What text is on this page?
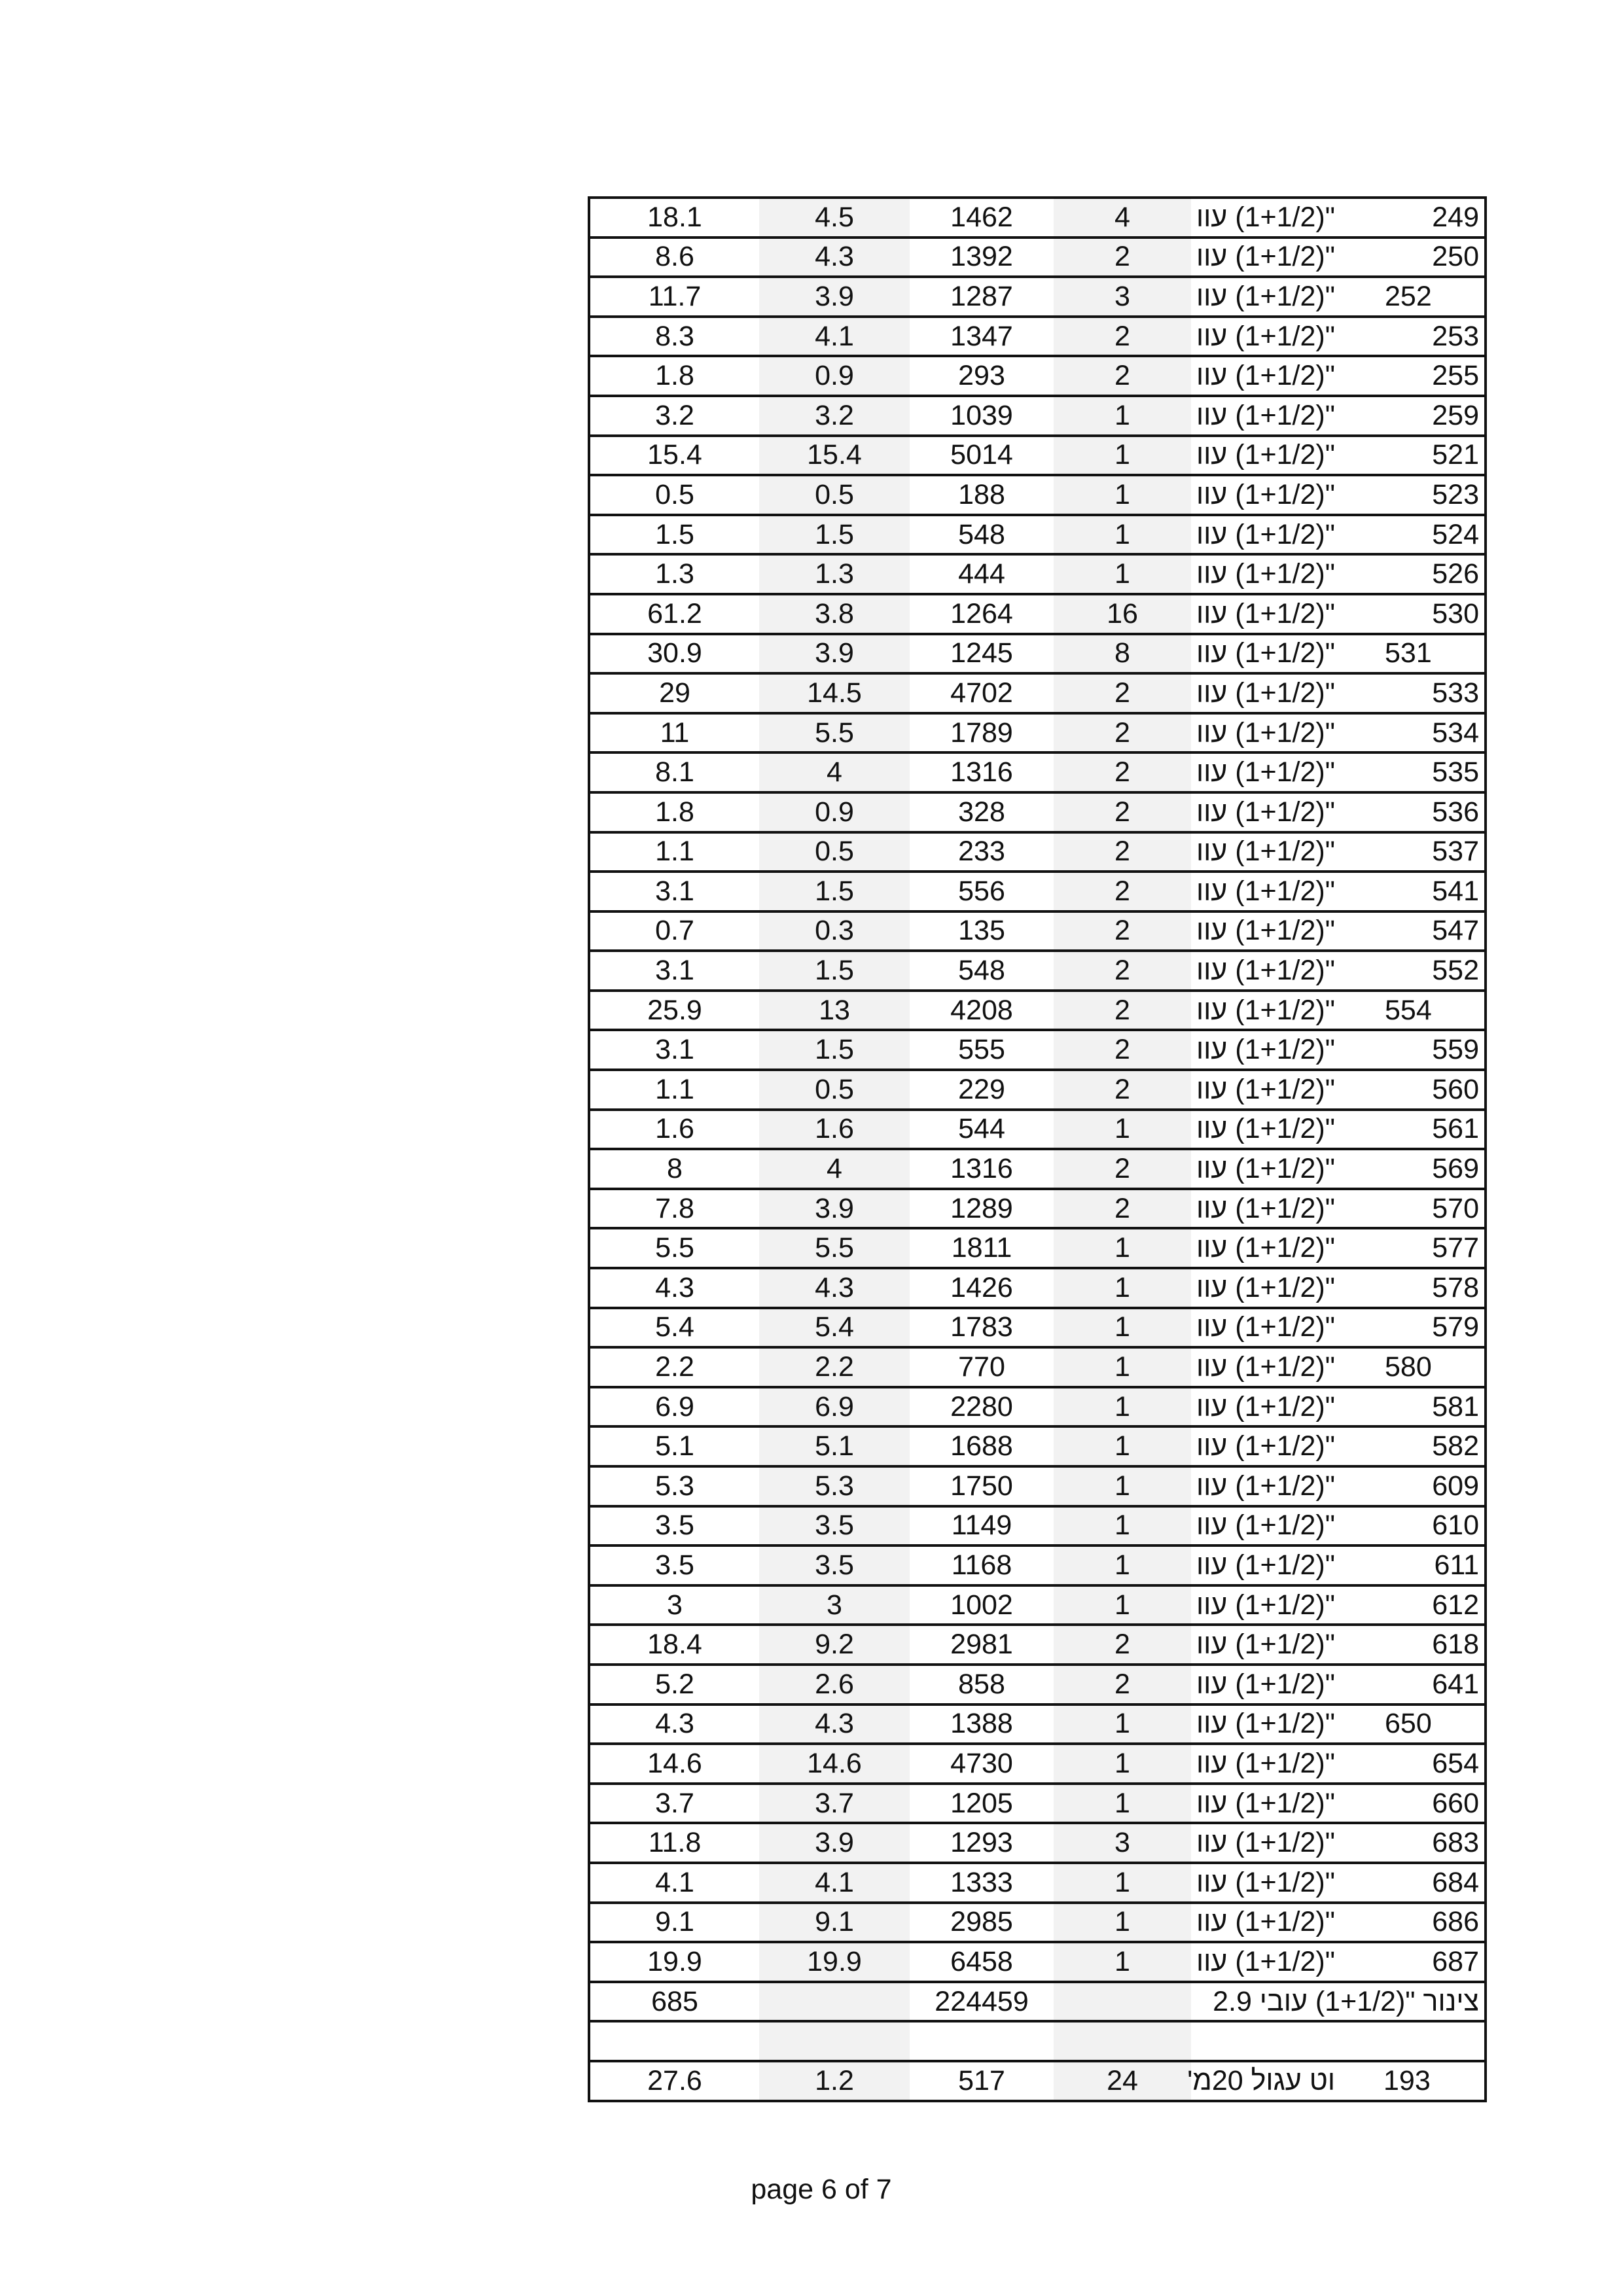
18.1	4.5	1462	4	"(1+1/2) עוו	249
8.6	4.3	1392	2	"(1+1/2) עוו	250
11.7	3.9	1287	3	"(1+1/2) עוו	252
8.3	4.1	1347	2	"(1+1/2) עוו	253
1.8	0.9	293	2	"(1+1/2) עוו	255
3.2	3.2	1039	1	"(1+1/2) עוו	259
15.4	15.4	5014	1	"(1+1/2) עוו	521
0.5	0.5	188	1	"(1+1/2) עוו	523
1.5	1.5	548	1	"(1+1/2) עוו	524
1.3	1.3	444	1	"(1+1/2) עוו	526
61.2	3.8	1264	16	"(1+1/2) עוו	530
30.9	3.9	1245	8	"(1+1/2) עוו	531
29	14.5	4702	2	"(1+1/2) עוו	533
11	5.5	1789	2	"(1+1/2) עוו	534
8.1	4	1316	2	"(1+1/2) עוו	535
1.8	0.9	328	2	"(1+1/2) עוו	536
1.1	0.5	233	2	"(1+1/2) עוו	537
3.1	1.5	556	2	"(1+1/2) עוו	541
0.7	0.3	135	2	"(1+1/2) עוו	547
3.1	1.5	548	2	"(1+1/2) עוו	552
25.9	13	4208	2	"(1+1/2) עוו	554
3.1	1.5	555	2	"(1+1/2) עוו	559
1.1	0.5	229	2	"(1+1/2) עוו	560
1.6	1.6	544	1	"(1+1/2) עוו	561
8	4	1316	2	"(1+1/2) עוו	569
7.8	3.9	1289	2	"(1+1/2) עוו	570
5.5	5.5	1811	1	"(1+1/2) עוו	577
4.3	4.3	1426	1	"(1+1/2) עוו	578
5.4	5.4	1783	1	"(1+1/2) עוו	579
2.2	2.2	770	1	"(1+1/2) עוו	580
6.9	6.9	2280	1	"(1+1/2) עוו	581
5.1	5.1	1688	1	"(1+1/2) עוו	582
5.3	5.3	1750	1	"(1+1/2) עוו	609
3.5	3.5	1149	1	"(1+1/2) עוו	610
3.5	3.5	1168	1	"(1+1/2) עוו	611
3	3	1002	1	"(1+1/2) עוו	612
18.4	9.2	2981	2	"(1+1/2) עוו	618
5.2	2.6	858	2	"(1+1/2) עוו	641
4.3	4.3	1388	1	"(1+1/2) עוו	650
14.6	14.6	4730	1	"(1+1/2) עוו	654
3.7	3.7	1205	1	"(1+1/2) עוו	660
11.8	3.9	1293	3	"(1+1/2) עוו	683
4.1	4.1	1333	1	"(1+1/2) עוו	684
9.1	9.1	2985	1	"(1+1/2) עוו	686
19.9	19.9	6458	1	"(1+1/2) עוו	687
685		224459		צינור "(1+1/2) עובי 2.9	

27.6	1.2	517	24	וט עגול 20מ'	193
page 6 of 7
